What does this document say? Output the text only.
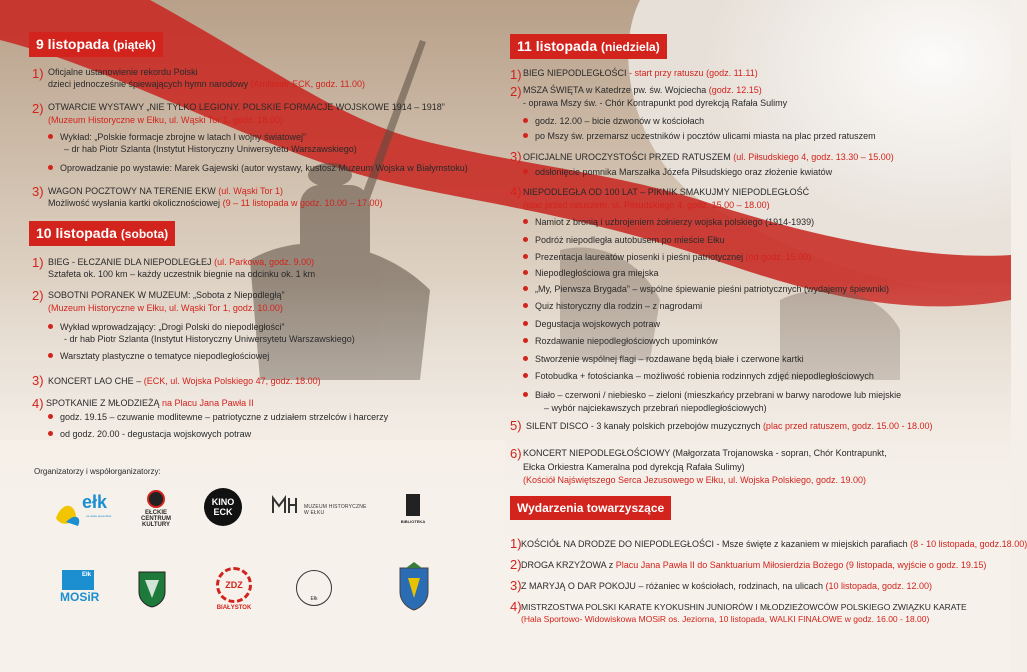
9 listopada (piątek)
1) Oficjalne ustanowienie rekordu Polski
dzieci jednocześnie śpiewających hymn narodowy (Amfiteatr ECK, godz. 11.00)
2) OTWARCIE WYSTAWY „NIE TYLKO LEGIONY. POLSKIE FORMACJE WOJSKOWE 1914 – 1918”
(Muzeum Historyczne w Ełku, ul. Wąski Tor 1, godz. 18.00)
Wykład: „Polskie formacje zbrojne w latach I wojny światowej”
– dr hab Piotr Szlanta (Instytut Historyczny Uniwersytetu Warszawskiego)
Oprowadzanie po wystawie: Marek Gajewski (autor wystawy, kustosz Muzeum Wojska w Białymstoku)
3) WAGON POCZTOWY NA TERENIE EKW (ul. Wąski Tor 1)
Możliwość wysłania kartki okolicznościowej (9 – 11 listopada w godz. 10.00 – 17.00)
10 listopada (sobota)
1) BIEG - EŁCZANIE DLA NIEPODLEGŁEJ (ul. Parkowa, godz. 9.00)
Sztafeta ok. 100 km – każdy uczestnik biegnie na odcinku ok. 1 km
2) SOBOTNI PORANEK W MUZEUM: „Sobota z Niepodległą”
(Muzeum Historyczne w Ełku, ul. Wąski Tor 1, godz. 10.00)
Wykład wprowadzający: „Drogi Polski do niepodległości”
- dr hab Piotr Szlanta (Instytut Historyczny Uniwersytetu Warszawskiego)
Warsztaty plastyczne o tematyce niepodległościowej
3) KONCERT LAO CHE – (ECK, ul. Wojska Polskiego 47, godz. 18.00)
4) SPOTKANIE Z MŁODZIEŻĄ na Placu Jana Pawła II
godz. 19.15 – czuwanie modlitewne – patriotyczne z udziałem strzelców i harcerzy
od godz. 20.00 - degustacja wojskowych potraw
Organizatorzy i współorganizatorzy:
ełk
na wiele sposobów	EŁCKIE CENTRUM KULTURY
KINO ECK	MUZEUM HISTORYCZNE W EŁKU
BIBLIOTEKA
Ełk
MOSiR
ZDZ
BIAŁYSTOK
Ełk
11 listopada (niedziela)
1) BIEG NIEPODLEGŁOŚCI - start przy ratuszu (godz. 11.11)
2) MSZA ŚWIĘTA w Katedrze pw. św. Wojciecha (godz. 12.15)
- oprawa Mszy św. - Chór Kontrapunkt pod dyrekcją Rafała Sulimy
godz. 12.00 – bicie dzwonów w kościołach
po Mszy św. przemarsz uczestników i pocztów ulicami miasta na plac przed ratuszem
3) OFICJALNE UROCZYSTOŚCI PRZED RATUSZEM (ul. Piłsudskiego 4, godz. 13.30 – 15.00)
odsłonięcie pomnika Marszałka Józefa Piłsudskiego oraz złożenie kwiatów
4) NIEPODLEGŁA OD 100 LAT – PIKNIK SMAKUJMY NIEPODLEGŁOŚĆ
(plac przed ratuszem, ul. Piłsudskiego 4, godz. 15.00 – 18.00)
Namiot z bronią i uzbrojeniem żołnierzy wojska polskiego (1914-1939)
Podróż niepodległa autobusem po mieście Ełku
Prezentacja laureatów piosenki i pieśni patriotycznej (od godz. 15.00)
Niepodległościowa gra miejska
„My, Pierwsza Brygada” – wspólne śpiewanie pieśni patriotycznych (wydajemy śpiewniki)
Quiz historyczny dla rodzin – z nagrodami
Degustacja wojskowych potraw
Rozdawanie niepodległościowych upominków
Stworzenie wspólnej flagi – rozdawane będą białe i czerwone kartki
Fotobudka + fotościanka – możliwość robienia rodzinnych zdjęć niepodległościowych
Biało – czerwoni / niebiesko – zieloni (mieszkańcy przebrani w barwy narodowe lub miejskie
– wybór najciekawszych przebrań niepodległościowych)
5) SILENT DISCO - 3 kanały polskich przebojów muzycznych (plac przed ratuszem, godz. 15.00 - 18.00)
6) KONCERT NIEPODLEGŁOŚCIOWY (Małgorzata Trojanowska - sopran, Chór Kontrapunkt,
Ełcka Orkiestra Kameralna pod dyrekcją Rafała Sulimy)
(Kościół Najświętszego Serca Jezusowego w Ełku, ul. Wojska Polskiego, godz. 19.00)
Wydarzenia towarzyszące
1) KOŚCIÓŁ NA DRODZE DO NIEPODLEGŁOŚCI - Msze święte z kazaniem w miejskich parafiach (8 - 10 listopada, godz.18.00)
2) DROGA KRZYŻOWA z Placu Jana Pawła II do Sanktuarium Miłosierdzia Bożego (9 listopada, wyjście o godz. 19.15)
3) Z MARYJĄ O DAR POKOJU – różaniec w kościołach, rodzinach, na ulicach (10 listopada, godz. 12.00)
4) MISTRZOSTWA POLSKI KARATE KYOKUSHIN JUNIORÓW I MŁODZIEŻOWCÓW POLSKIEGO ZWIĄZKU KARATE
(Hala Sportowo- Widowiskowa MOSiR os. Jeziorna, 10 listopada, WALKI FINAŁOWE w godz. 16.00 - 18.00)
